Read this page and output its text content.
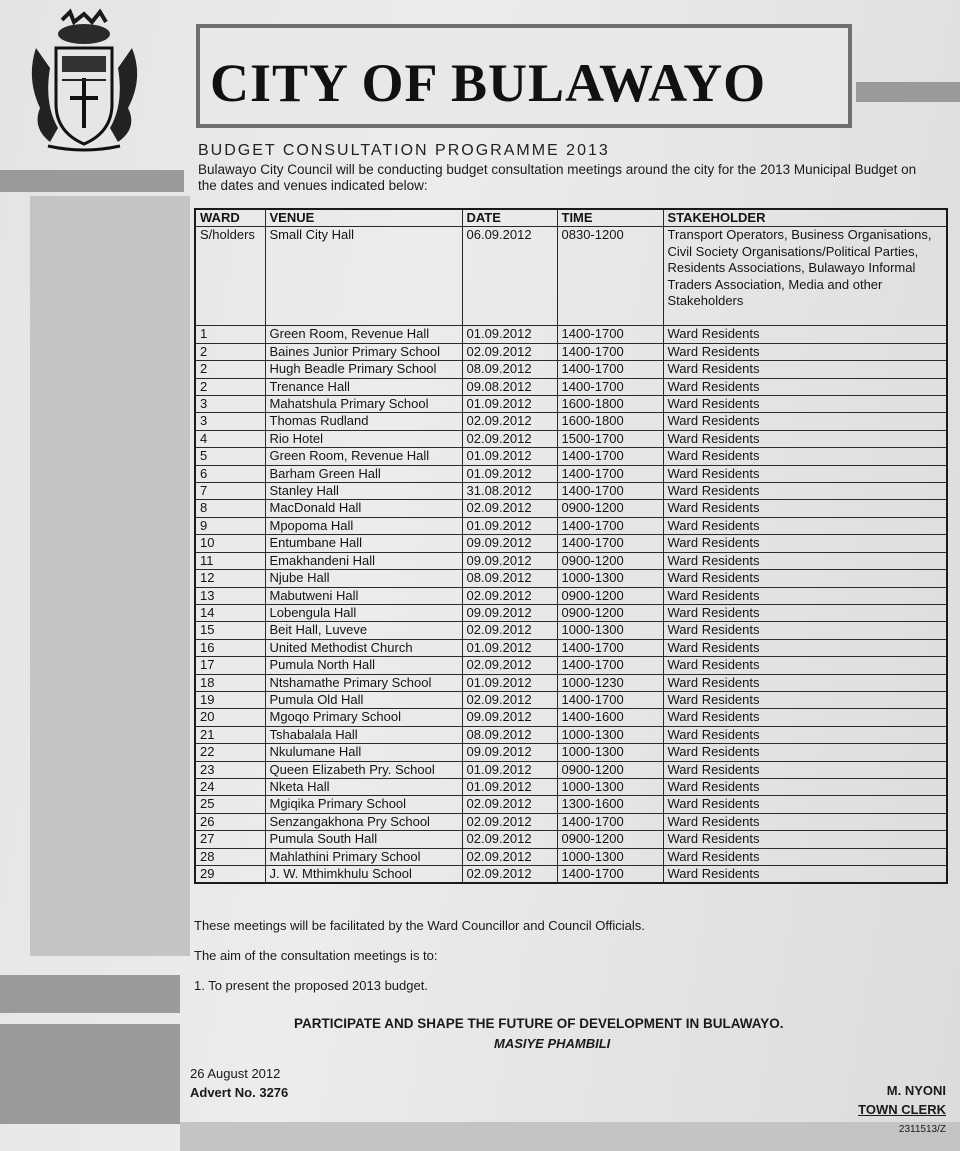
CITY OF BULAWAYO
BUDGET CONSULTATION PROGRAMME 2013
Bulawayo City Council will be conducting budget consultation meetings around the city for the 2013 Municipal Budget on the dates and venues indicated below:
WARD	VENUE	DATE	TIME	STAKEHOLDER
S/holders	Small City Hall	06.09.2012	0830-1200	Transport Operators, Business Organisations, Civil Society Organisations/Political Parties, Residents Associations, Bulawayo Informal Traders Association, Media and other Stakeholders
1	Green Room, Revenue Hall	01.09.2012	1400-1700	Ward Residents
2	Baines Junior Primary School	02.09.2012	1400-1700	Ward Residents
2	Hugh Beadle Primary School	08.09.2012	1400-1700	Ward Residents
2	Trenance Hall	09.08.2012	1400-1700	Ward Residents
3	Mahatshula Primary School	01.09.2012	1600-1800	Ward Residents
3	Thomas Rudland	02.09.2012	1600-1800	Ward Residents
4	Rio Hotel	02.09.2012	1500-1700	Ward Residents
5	Green Room, Revenue Hall	01.09.2012	1400-1700	Ward Residents
6	Barham Green Hall	01.09.2012	1400-1700	Ward Residents
7	Stanley Hall	31.08.2012	1400-1700	Ward Residents
8	MacDonald Hall	02.09.2012	0900-1200	Ward Residents
9	Mpopoma Hall	01.09.2012	1400-1700	Ward Residents
10	Entumbane Hall	09.09.2012	1400-1700	Ward Residents
11	Emakhandeni Hall	09.09.2012	0900-1200	Ward Residents
12	Njube Hall	08.09.2012	1000-1300	Ward Residents
13	Mabutweni Hall	02.09.2012	0900-1200	Ward Residents
14	Lobengula Hall	09.09.2012	0900-1200	Ward Residents
15	Beit Hall, Luveve	02.09.2012	1000-1300	Ward Residents
16	United Methodist Church	01.09.2012	1400-1700	Ward Residents
17	Pumula North Hall	02.09.2012	1400-1700	Ward Residents
18	Ntshamathe Primary School	01.09.2012	1000-1230	Ward Residents
19	Pumula Old Hall	02.09.2012	1400-1700	Ward Residents
20	Mgoqo Primary School	09.09.2012	1400-1600	Ward Residents
21	Tshabalala Hall	08.09.2012	1000-1300	Ward Residents
22	Nkulumane Hall	09.09.2012	1000-1300	Ward Residents
23	Queen Elizabeth Pry. School	01.09.2012	0900-1200	Ward Residents
24	Nketa Hall	01.09.2012	1000-1300	Ward Residents
25	Mgiqika Primary School	02.09.2012	1300-1600	Ward Residents
26	Senzangakhona Pry School	02.09.2012	1400-1700	Ward Residents
27	Pumula South Hall	02.09.2012	0900-1200	Ward Residents
28	Mahlathini Primary School	02.09.2012	1000-1300	Ward Residents
29	J. W. Mthimkhulu School	02.09.2012	1400-1700	Ward Residents
These meetings will be facilitated by the Ward Councillor and Council Officials.
The aim of the consultation meetings is to:
1. To present the proposed 2013 budget.
PARTICIPATE AND SHAPE THE FUTURE OF DEVELOPMENT IN BULAWAYO.
MASIYE PHAMBILI
26 August 2012
Advert No. 3276	M. NYONI
TOWN CLERK
2311513/Z
